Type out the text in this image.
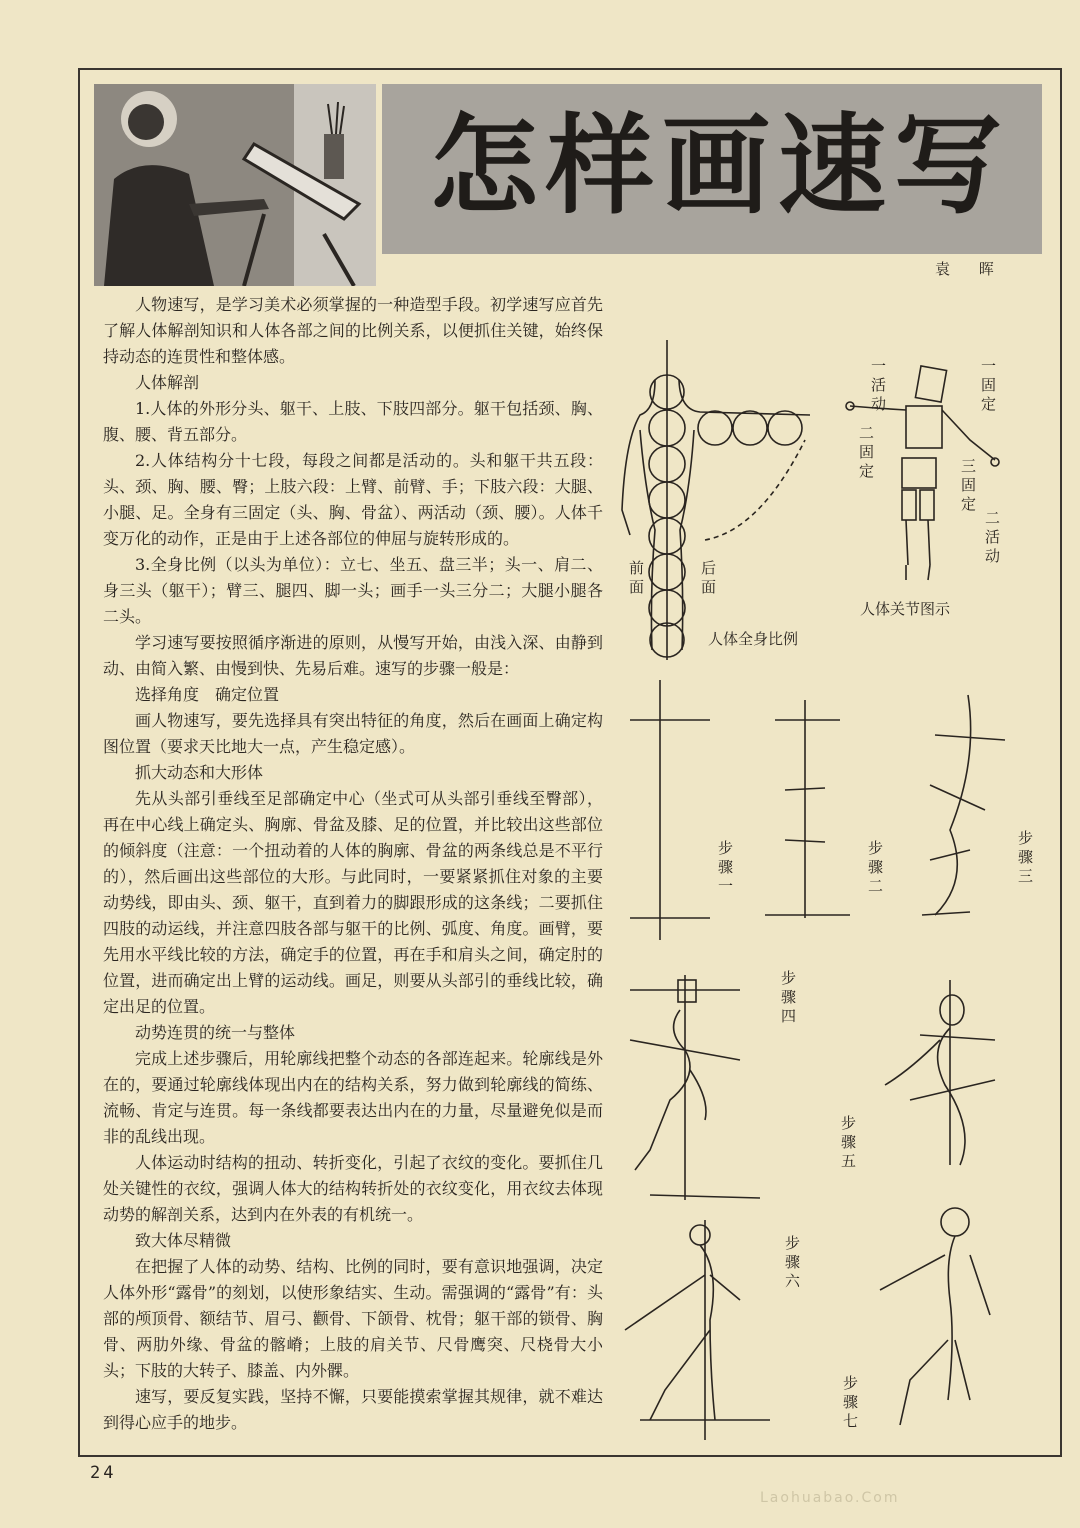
怎样画速写
袁 晖

人物速写，是学习美术必须掌握的一种造型手段。初学速写应首先了解人体解剖知识和人体各部之间的比例关系，以便抓住关键，始终保持动态的连贯性和整体感。

人体解剖

1.人体的外形分头、躯干、上肢、下肢四部分。躯干包括颈、胸、腹、腰、背五部分。

2.人体结构分十七段，每段之间都是活动的。头和躯干共五段：头、颈、胸、腰、臀；上肢六段：上臂、前臂、手；下肢六段：大腿、小腿、足。全身有三固定（头、胸、骨盆）、两活动（颈、腰）。人体千变万化的动作，正是由于上述各部位的伸屈与旋转形成的。

3.全身比例（以头为单位）：立七、坐五、盘三半；头一、肩二、身三头（躯干）；臂三、腿四、脚一头；画手一头三分二；大腿小腿各二头。

学习速写要按照循序渐进的原则，从慢写开始，由浅入深、由静到动、由简入繁、由慢到快、先易后难。速写的步骤一般是：

选择角度　确定位置

画人物速写，要先选择具有突出特征的角度，然后在画面上确定构图位置（要求天比地大一点，产生稳定感）。

抓大动态和大形体

先从头部引垂线至足部确定中心（坐式可从头部引垂线至臀部），再在中心线上确定头、胸廓、骨盆及膝、足的位置，并比较出这些部位的倾斜度（注意：一个扭动着的人体的胸廓、骨盆的两条线总是不平行的），然后画出这些部位的大形。与此同时，一要紧紧抓住对象的主要动势线，即由头、颈、躯干，直到着力的脚跟形成的这条线；二要抓住四肢的动运线，并注意四肢各部与躯干的比例、弧度、角度。画臂，要先用水平线比较的方法，确定手的位置，再在手和肩头之间，确定肘的位置，进而确定出上臂的运动线。画足，则要从头部引的垂线比较，确定出足的位置。

动势连贯的统一与整体

完成上述步骤后，用轮廓线把整个动态的各部连起来。轮廓线是外在的，要通过轮廓线体现出内在的结构关系，努力做到轮廓线的简练、流畅、肯定与连贯。每一条线都要表达出内在的力量，尽量避免似是而非的乱线出现。

人体运动时结构的扭动、转折变化，引起了衣纹的变化。要抓住几处关键性的衣纹，强调人体大的结构转折处的衣纹变化，用衣纹去体现动势的解剖关系，达到内在外表的有机统一。

致大体尽精微

在把握了人体的动势、结构、比例的同时，要有意识地强调，决定人体外形“露骨”的刻划，以使形象结实、生动。需强调的“露骨”有：头部的颅顶骨、额结节、眉弓、颧骨、下颌骨、枕骨；躯干部的锁骨、胸骨、两肋外缘、骨盆的髂嵴；上肢的肩关节、尺骨鹰突、尺桡骨大小头；下肢的大转子、膝盖、内外髁。

速写，要反复实践，坚持不懈，只要能摸索掌握其规律，就不难达到得心应手的地步。

前面	后面
人体全身比例
人体关节图示
一活动	一固定
二固定
三固定
二活动
步骤一	步骤二	步骤三
步骤四
步骤五
步骤六
步骤七
24
Laohuabao.Com
